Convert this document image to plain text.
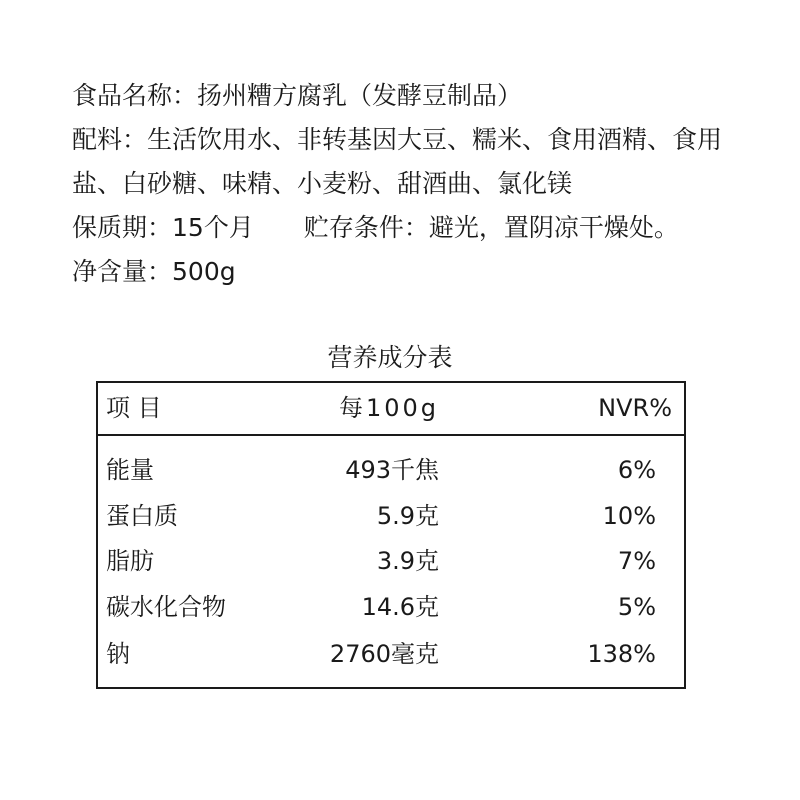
食品名称：扬州糟方腐乳（发酵豆制品）
配料：生活饮用水、非转基因大豆、糯米、食用酒精、食用
盐、白砂糖、味精、小麦粉、甜酒曲、氯化镁
保质期：15个月 贮存条件：避光，置阴凉干燥处。
净含量：500g
营养成分表
项 目	每100g	NVR%
能量	493千焦	6%
蛋白质	5.9克	10%
脂肪	3.9克	7%
碳水化合物	14.6克	5%
钠	2760毫克	138%
